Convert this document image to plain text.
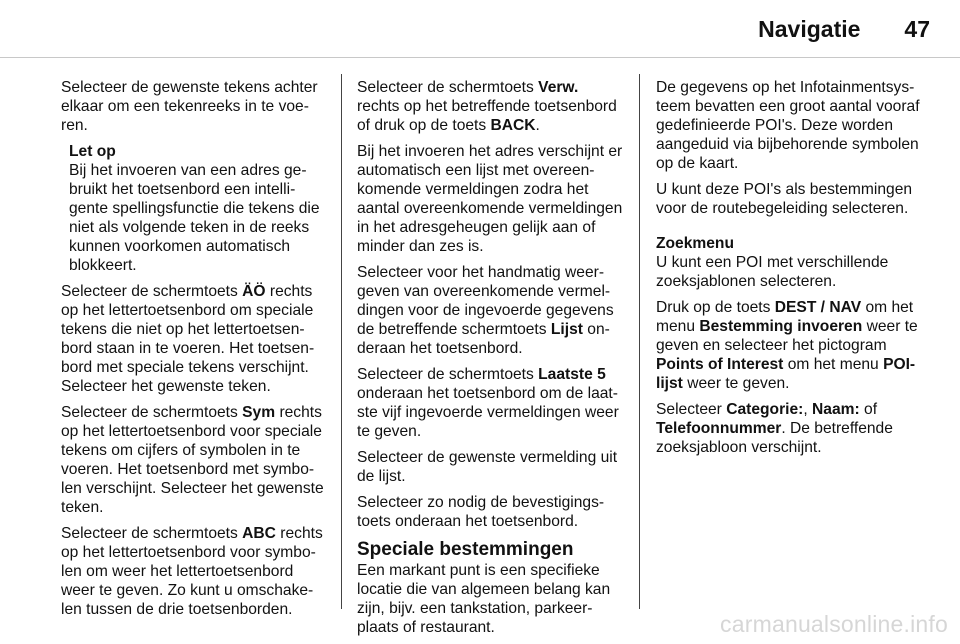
Navigatie 47

Selecteer de gewenste tekens achter elkaar om een tekenreeks in te voeren.

Let op
Bij het invoeren van een adres gebruikt het toetsenbord een intelligente spellingsfunctie die tekens die niet als volgende teken in de reeks kunnen voorkomen automatisch blokkeert.

Selecteer de schermtoets ÄÖ rechts op het lettertoetsenbord om speciale tekens die niet op het lettertoetsenbord staan in te voeren. Het toetsenbord met speciale tekens verschijnt. Selecteer het gewenste teken.

Selecteer de schermtoets Sym rechts op het lettertoetsenbord voor speciale tekens om cijfers of symbolen in te voeren. Het toetsenbord met symbolen verschijnt. Selecteer het gewenste teken.

Selecteer de schermtoets ABC rechts op het lettertoetsenbord voor symbolen om weer het lettertoetsenbord weer te geven. Zo kunt u omschakelen tussen de drie toetsenborden.

Selecteer de schermtoets Verw. rechts op het betreffende toetsenbord of druk op de toets BACK.

Bij het invoeren het adres verschijnt er automatisch een lijst met overeenkomende vermeldingen zodra het aantal overeenkomende vermeldingen in het adresgeheugen gelijk aan of minder dan zes is.

Selecteer voor het handmatig weergeven van overeenkomende vermeldingen voor de ingevoerde gegevens de betreffende schermtoets Lijst onderaan het toetsenbord.

Selecteer de schermtoets Laatste 5 onderaan het toetsenbord om de laatste vijf ingevoerde vermeldingen weer te geven.

Selecteer de gewenste vermelding uit de lijst.

Selecteer zo nodig de bevestigingstoets onderaan het toetsenbord.

Speciale bestemmingen

Een markant punt is een specifieke locatie die van algemeen belang kan zijn, bijv. een tankstation, parkeerplaats of restaurant.

De gegevens op het Infotainmentsysteem bevatten een groot aantal vooraf gedefinieerde POI's. Deze worden aangeduid via bijbehorende symbolen op de kaart.

U kunt deze POI's als bestemmingen voor de routebegeleiding selecteren.

Zoekmenu

U kunt een POI met verschillende zoeksjablonen selecteren.

Druk op de toets DEST / NAV om het menu Bestemming invoeren weer te geven en selecteer het pictogram Points of Interest om het menu POI-lijst weer te geven.

Selecteer Categorie:, Naam: of Telefoonnummer. De betreffende zoeksjabloon verschijnt.

carmanualsonline.info
